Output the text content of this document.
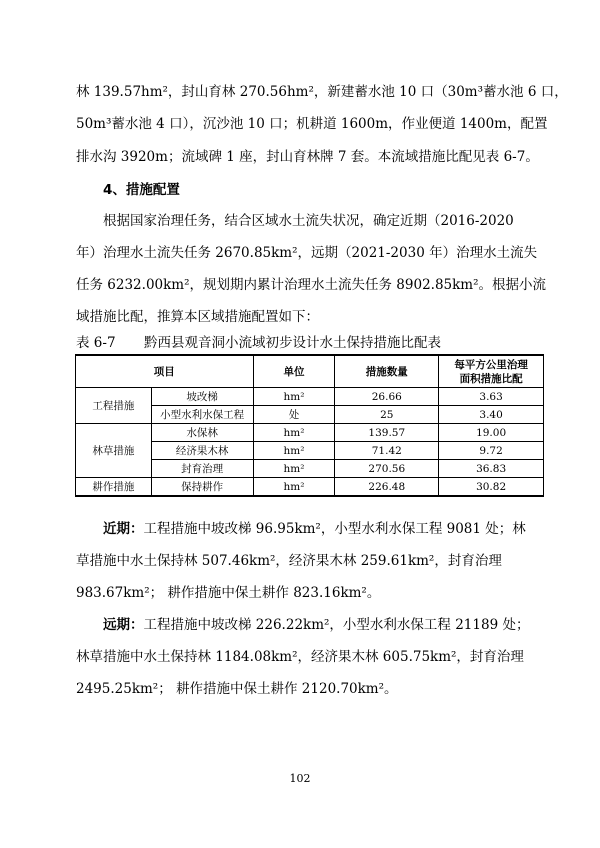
林 139.57hm²，封山育林 270.56hm²，新建蓄水池 10 口（30m³蓄水池 6 口，
50m³蓄水池 4 口），沉沙池 10 口；机耕道 1600m，作业便道 1400m，配置
排水沟 3920m；流域碑 1 座，封山育林牌 7 套。本流域措施比配见表 6-7。
4、措施配置
根据国家治理任务，结合区域水土流失状况，确定近期（2016-2020
年）治理水土流失任务 2670.85km²，远期（2021-2030 年）治理水土流失
任务 6232.00km²，规划期内累计治理水土流失任务 8902.85km²。根据小流
域措施比配，推算本区域措施配置如下：
表 6-7 黔西县观音洞小流域初步设计水土保持措施比配表
项目		单位	措施数量	每平方公里治理
面积措施比配
工程措施	坡改梯	hm²	26.66	3.63
	小型水利水保工程	处	25	3.40
林草措施	水保林	hm²	139.57	19.00
	经济果木林	hm²	71.42	9.72
	封育治理	hm²	270.56	36.83
耕作措施	保持耕作	hm²	226.48	30.82
近期：工程措施中坡改梯 96.95km²，小型水利水保工程 9081 处；林
草措施中水土保持林 507.46km²，经济果木林 259.61km²，封育治理
983.67km²； 耕作措施中保土耕作 823.16km²。
远期：工程措施中坡改梯 226.22km²，小型水利水保工程 21189 处；
林草措施中水土保持林 1184.08km²，经济果木林 605.75km²，封育治理
2495.25km²； 耕作措施中保土耕作 2120.70km²。
102
